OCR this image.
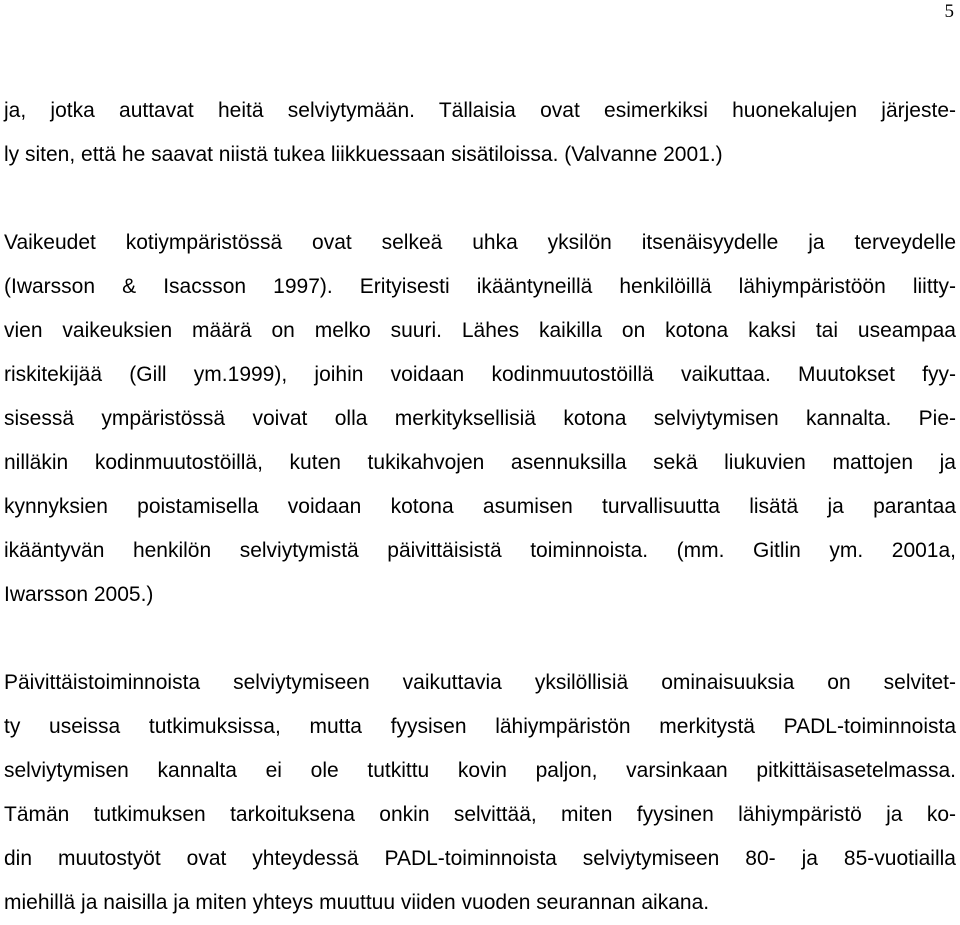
5
ja, jotka auttavat heitä selviytymään. Tällaisia ovat esimerkiksi huonekalujen järjeste-
ly siten, että he saavat niistä tukea liikkuessaan sisätiloissa. (Valvanne 2001.)
Vaikeudet kotiympäristössä ovat selkeä uhka yksilön itsenäisyydelle ja terveydelle
(Iwarsson & Isacsson 1997). Erityisesti ikääntyneillä henkilöillä lähiympäristöön liitty-
vien vaikeuksien määrä on melko suuri. Lähes kaikilla on kotona kaksi tai useampaa
riskitekijää (Gill ym.1999), joihin voidaan kodinmuutostöillä vaikuttaa. Muutokset fyy-
sisessä ympäristössä voivat olla merkityksellisiä kotona selviytymisen kannalta. Pie-
nilläkin kodinmuutostöillä, kuten tukikahvojen asennuksilla sekä liukuvien mattojen ja
kynnyksien poistamisella voidaan kotona asumisen turvallisuutta lisätä ja parantaa
ikääntyvän henkilön selviytymistä päivittäisistä toiminnoista. (mm. Gitlin ym. 2001a,
Iwarsson 2005.)
Päivittäistoiminnoista selviytymiseen vaikuttavia yksilöllisiä ominaisuuksia on selvitet-
ty useissa tutkimuksissa, mutta fyysisen lähiympäristön merkitystä PADL-toiminnoista
selviytymisen kannalta ei ole tutkittu kovin paljon, varsinkaan pitkittäisasetelmassa.
Tämän tutkimuksen tarkoituksena onkin selvittää, miten fyysinen lähiympäristö ja ko-
din muutostyöt ovat yhteydessä PADL-toiminnoista selviytymiseen 80- ja 85-vuotiailla
miehillä ja naisilla ja miten yhteys muuttuu viiden vuoden seurannan aikana.
